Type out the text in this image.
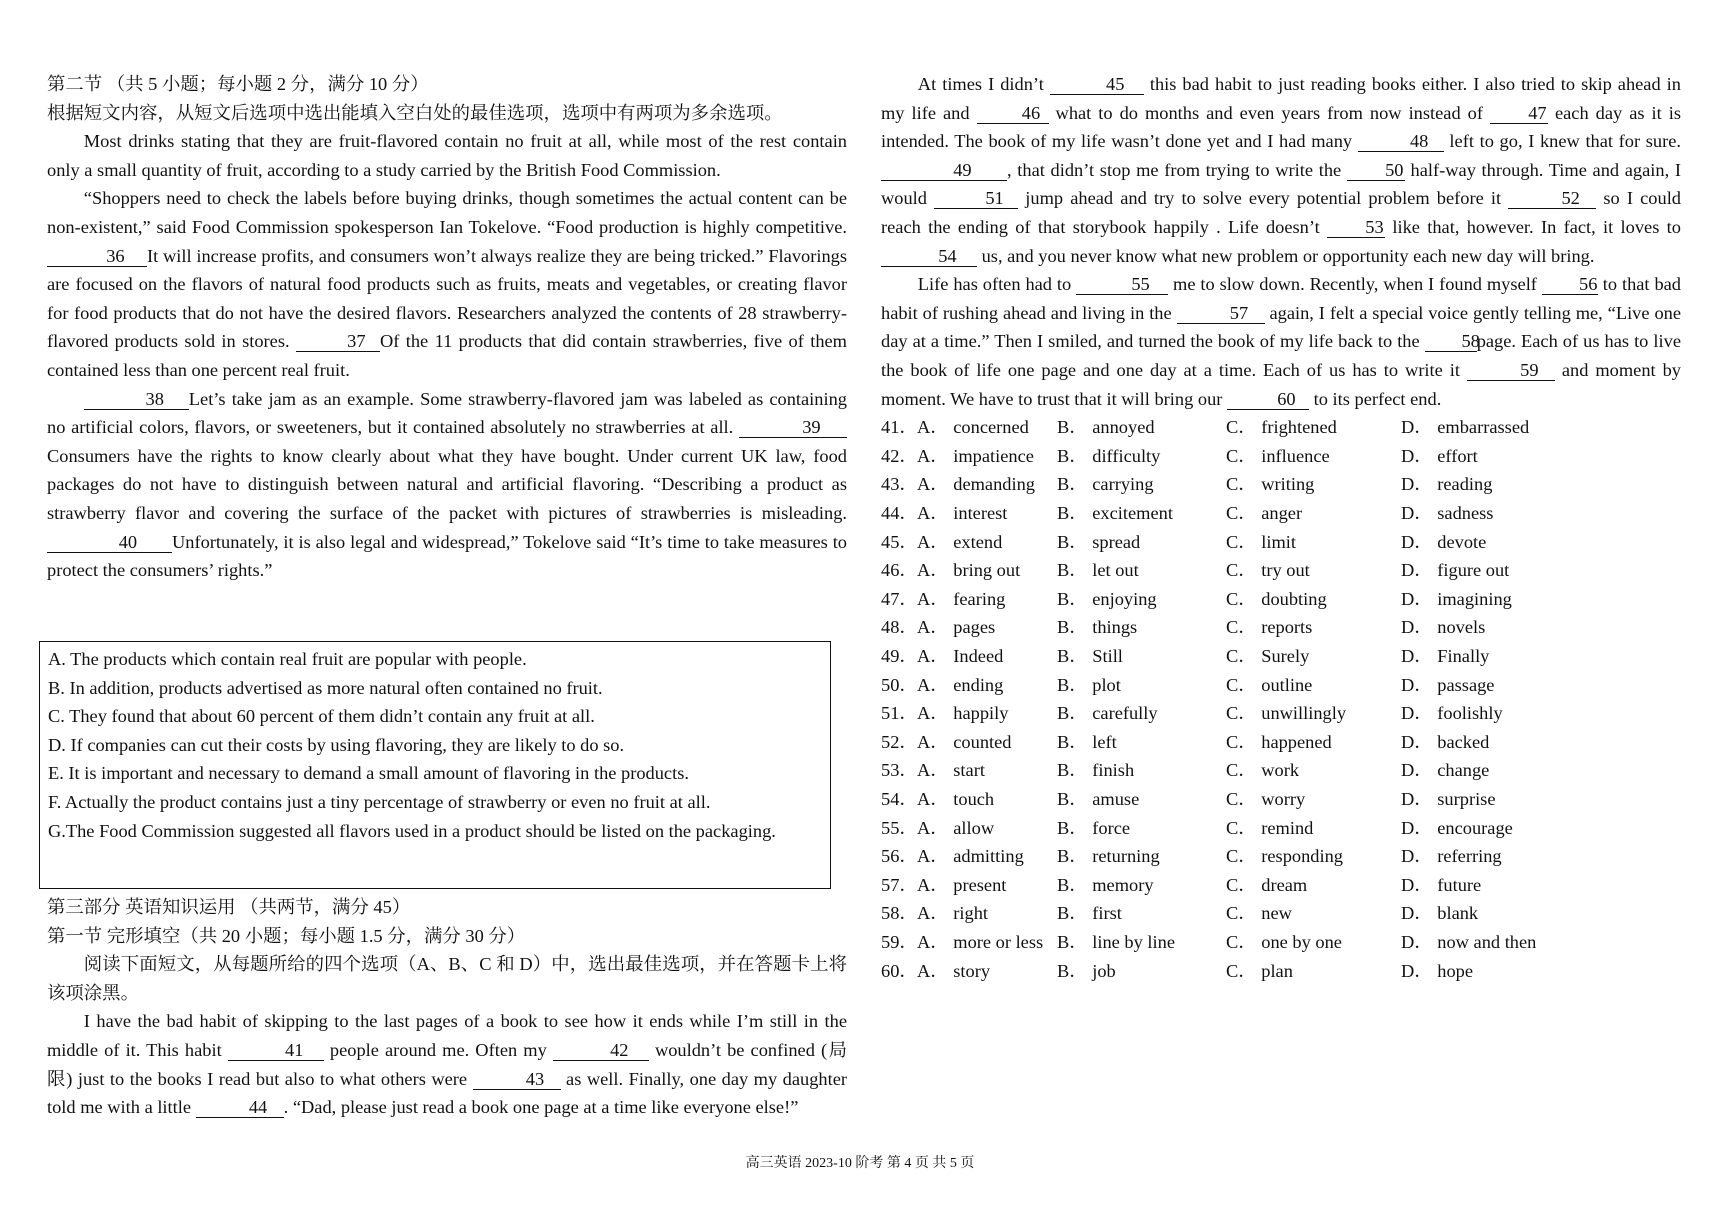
第二节 （共 5 小题；每小题 2 分，满分 10 分）

根据短文内容，从短文后选项中选出能填入空白处的最佳选项，选项中有两项为多余选项。

Most drinks stating that they are fruit-flavored contain no fruit at all, while most of the rest contain only a small quantity of fruit, according to a study carried by the British Food Commission.

“Shoppers need to check the labels before buying drinks, though sometimes the actual content can be non-existent,” said Food Commission spokesperson Ian Tokelove. “Food production is highly competitive. 36 It will increase profits, and consumers won’t always realize they are being tricked.” Flavorings are focused on the flavors of natural food products such as fruits, meats and vegetables, or creating flavor for food products that do not have the desired flavors. Researchers analyzed the contents of 28 strawberry-flavored products sold in stores.	37 Of the 11 products that did contain strawberries, five of them contained less than one percent real fruit.

38 Let’s take jam as an example. Some strawberry-flavored jam was labeled as containing no artificial colors, flavors, or sweeteners, but it contained absolutely no strawberries at all.	39Consumers have the rights to know clearly about what they have bought. Under current UK law, food packages do not have to distinguish between natural and artificial flavoring. “Describing a product as strawberry flavor and covering the surface of the packet with pictures of strawberries is misleading.40 Unfortunately, it is also legal and widespread,” Tokelove said “It’s time to take measures to protect the consumers’ rights.”

A. The products which contain real fruit are popular with people.
B. In addition, products advertised as more natural often contained no fruit.
C. They found that about 60 percent of them didn’t contain any fruit at all.
D. If companies can cut their costs by using flavoring, they are likely to do so.
E. It is important and necessary to demand a small amount of flavoring in the products.
F. Actually the product contains just a tiny percentage of strawberry or even no fruit at all.

G.The Food Commission suggested all flavors used in a product should be listed on the packaging.

第三部分 英语知识运用 （共两节，满分 45）

第一节 完形填空（共 20 小题；每小题 1.5 分，满分 30 分）

阅读下面短文，从每题所给的四个选项（A、B、C 和 D）中，选出最佳选项，并在答题卡上将该项涂黑。

I have the bad habit of skipping to the last pages of a book to see how it ends while I’m still in the middle of it. This habit	41 people around me. Often my	42 wouldn’t be confined (局限) just to the books I read but also to what others were	43 as well. Finally, one day my daughter told me with a little	44 . “Dad, please just read a book one page at a time like everyone else!”

At times I didn’t	45 this bad habit to just reading books either. I also tried to skip ahead in my life and 46 what to do months and even years from now instead of 47 each day as it is intended. The book of my life wasn’t done yet and I had many	48 left to go, I knew that for sure. 49 , that didn’t stop me from trying to write the 50 half-way through. Time and again, I would	51 jump ahead and try to solve every potential problem before it	52 so I could reach the ending of that storybook happily . Life doesn’t 53 like that, however. In fact, it loves to 54 us, and you never know what new problem or opportunity each new day will bring.

Life has often had to	55 me to slow down. Recently, when I found myself 56 to that bad habit of rushing ahead and living in the	57 again, I felt a special voice gently telling me, “Live one day at a time.” Then I smiled, and turned the book of my life back to the 58page. Each of us has to live the book of life one page and one day at a time. Each of us has to write it	59 and moment by moment. We have to trust that it will bring our	60 to its perfect end.

41． A． concerned B． annoyed	C． frightened	D． embarrassed
42． A． impatience B． difficulty	C． influence	D． effort
43． A． demanding B． carrying	C． writing	D． reading
44． A． interest	B． excitement	C． anger	D． sadness
45． A． extend	B． spread	C． limit	D． devote
46． A． bring out B． let out	C． try out	D． figure out
47． A． fearing	B． enjoying	C． doubting	D． imagining
48． A． pages	B． things	C． reports	D． novels
49． A． Indeed	B． Still	C． Surely	D． Finally
50． A． ending	B． plot	C． outline	D． passage
51． A． happily	B． carefully	C． unwillingly	D． foolishly
52． A． counted B． left	C． happened	D． backed
53． A． start	B． finish	C． work	D． change
54． A． touch	B． amuse	C． worry	D． surprise
55． A． allow	B． force	C． remind	D． encourage
56． A． admitting B． returning	C． responding	D． referring
57． A． present	B． memory	C． dream	D． future
58． A． right	B． first	C． new	D． blank
59． A． more or less B． line by line	C． one by one	D． now and then
60． A． story	B． job	C． plan	D． hope
高三英语 2023-10 阶考 第 4 页 共 5 页
